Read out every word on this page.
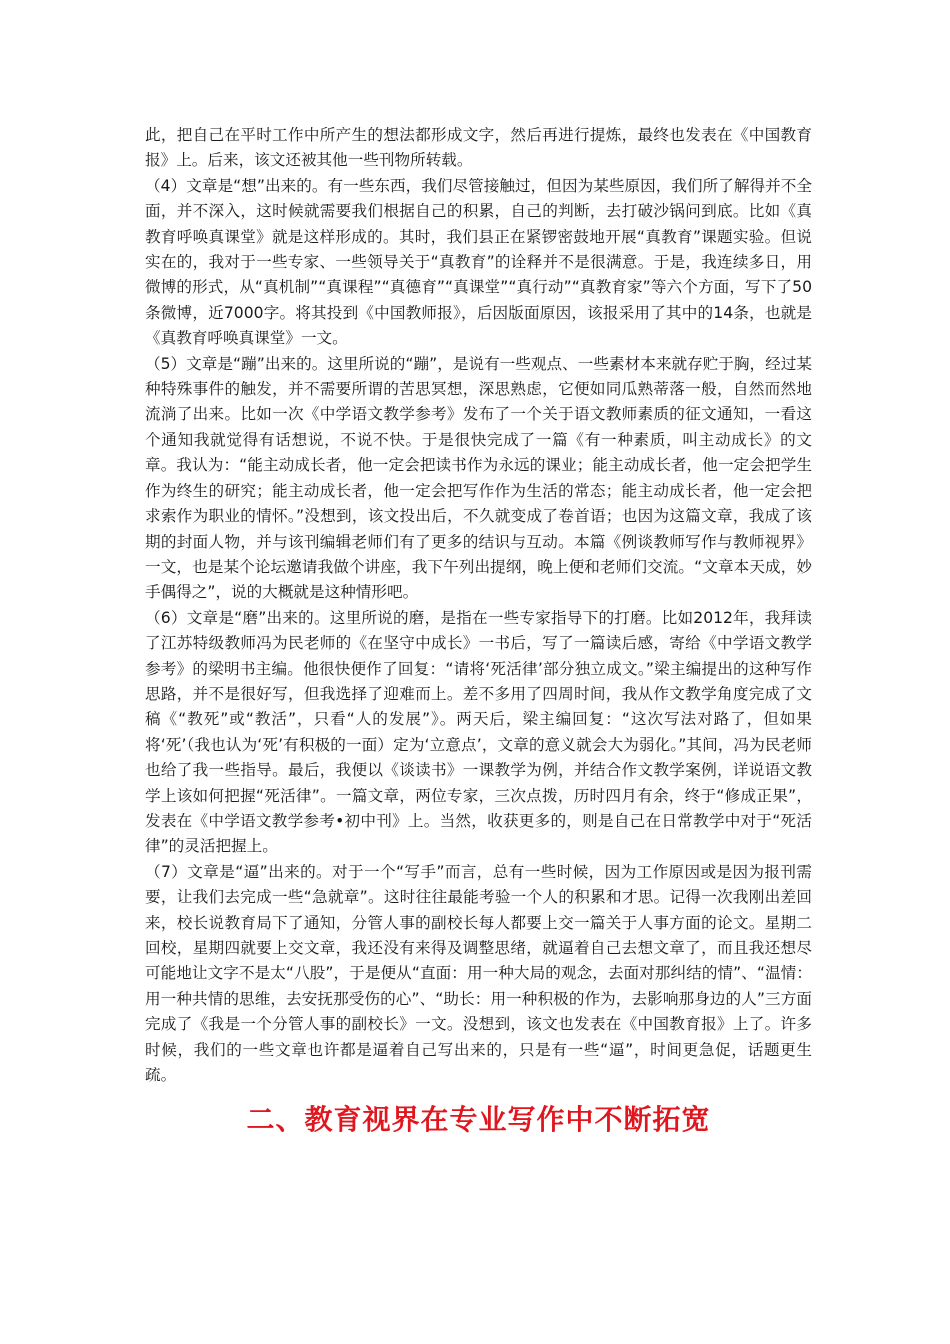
此，把自己在平时工作中所产生的想法都形成文字，然后再进行提炼，最终也发表在《中国教育报》上。后来，该文还被其他一些刊物所转载。

（4）文章是“想”出来的。有一些东西，我们尽管接触过，但因为某些原因，我们所了解得并不全面，并不深入，这时候就需要我们根据自己的积累，自己的判断，去打破沙锅问到底。比如《真教育呼唤真课堂》就是这样形成的。其时，我们县正在紧锣密鼓地开展“真教育”课题实验。但说实在的，我对于一些专家、一些领导关于“真教育”的诠释并不是很满意。于是，我连续多日，用微博的形式，从“真机制”“真课程”“真德育”“真课堂”“真行动”“真教育家”等六个方面，写下了50条微博，近7000字。将其投到《中国教师报》，后因版面原因，该报采用了其中的14条，也就是《真教育呼唤真课堂》一文。

（5）文章是“蹦”出来的。这里所说的“蹦”，是说有一些观点、一些素材本来就存贮于胸，经过某种特殊事件的触发，并不需要所谓的苦思冥想，深思熟虑，它便如同瓜熟蒂落一般，自然而然地流淌了出来。比如一次《中学语文教学参考》发布了一个关于语文教师素质的征文通知，一看这个通知我就觉得有话想说，不说不快。于是很快完成了一篇《有一种素质，叫主动成长》的文章。我认为：“能主动成长者，他一定会把读书作为永远的课业；能主动成长者，他一定会把学生作为终生的研究；能主动成长者，他一定会把写作作为生活的常态；能主动成长者，他一定会把求索作为职业的情怀。”没想到，该文投出后，不久就变成了卷首语；也因为这篇文章，我成了该期的封面人物，并与该刊编辑老师们有了更多的结识与互动。本篇《例谈教师写作与教师视界》一文，也是某个论坛邀请我做个讲座，我下午列出提纲，晚上便和老师们交流。“文章本天成，妙手偶得之”，说的大概就是这种情形吧。

（6）文章是“磨”出来的。这里所说的磨，是指在一些专家指导下的打磨。比如2012年，我拜读了江苏特级教师冯为民老师的《在坚守中成长》一书后，写了一篇读后感，寄给《中学语文教学参考》的梁明书主编。他很快便作了回复：“请将‘死活律’部分独立成文。”梁主编提出的这种写作思路，并不是很好写，但我选择了迎难而上。差不多用了四周时间，我从作文教学角度完成了文稿《“教死”或“教活”，只看“人的发展”》。两天后，梁主编回复：“这次写法对路了，但如果将‘死’（我也认为‘死’有积极的一面）定为‘立意点’，文章的意义就会大为弱化。”其间，冯为民老师也给了我一些指导。最后，我便以《谈读书》一课教学为例，并结合作文教学案例，详说语文教学上该如何把握“死活律”。一篇文章，两位专家，三次点拨，历时四月有余，终于“修成正果”，发表在《中学语文教学参考•初中刊》上。当然，收获更多的，则是自己在日常教学中对于“死活律”的灵活把握上。

（7）文章是“逼”出来的。对于一个“写手”而言，总有一些时候，因为工作原因或是因为报刊需要，让我们去完成一些“急就章”。这时往往最能考验一个人的积累和才思。记得一次我刚出差回来，校长说教育局下了通知，分管人事的副校长每人都要上交一篇关于人事方面的论文。星期二回校，星期四就要上交文章，我还没有来得及调整思绪，就逼着自己去想文章了，而且我还想尽可能地让文字不是太“八股”，于是便从“直面：用一种大局的观念，去面对那纠结的情”、“温情：用一种共情的思维，去安抚那受伤的心”、“助长：用一种积极的作为，去影响那身边的人”三方面完成了《我是一个分管人事的副校长》一文。没想到，该文也发表在《中国教育报》上了。许多时候，我们的一些文章也许都是逼着自己写出来的，只是有一些“逼”，时间更急促，话题更生疏。

二、教育视界在专业写作中不断拓宽
